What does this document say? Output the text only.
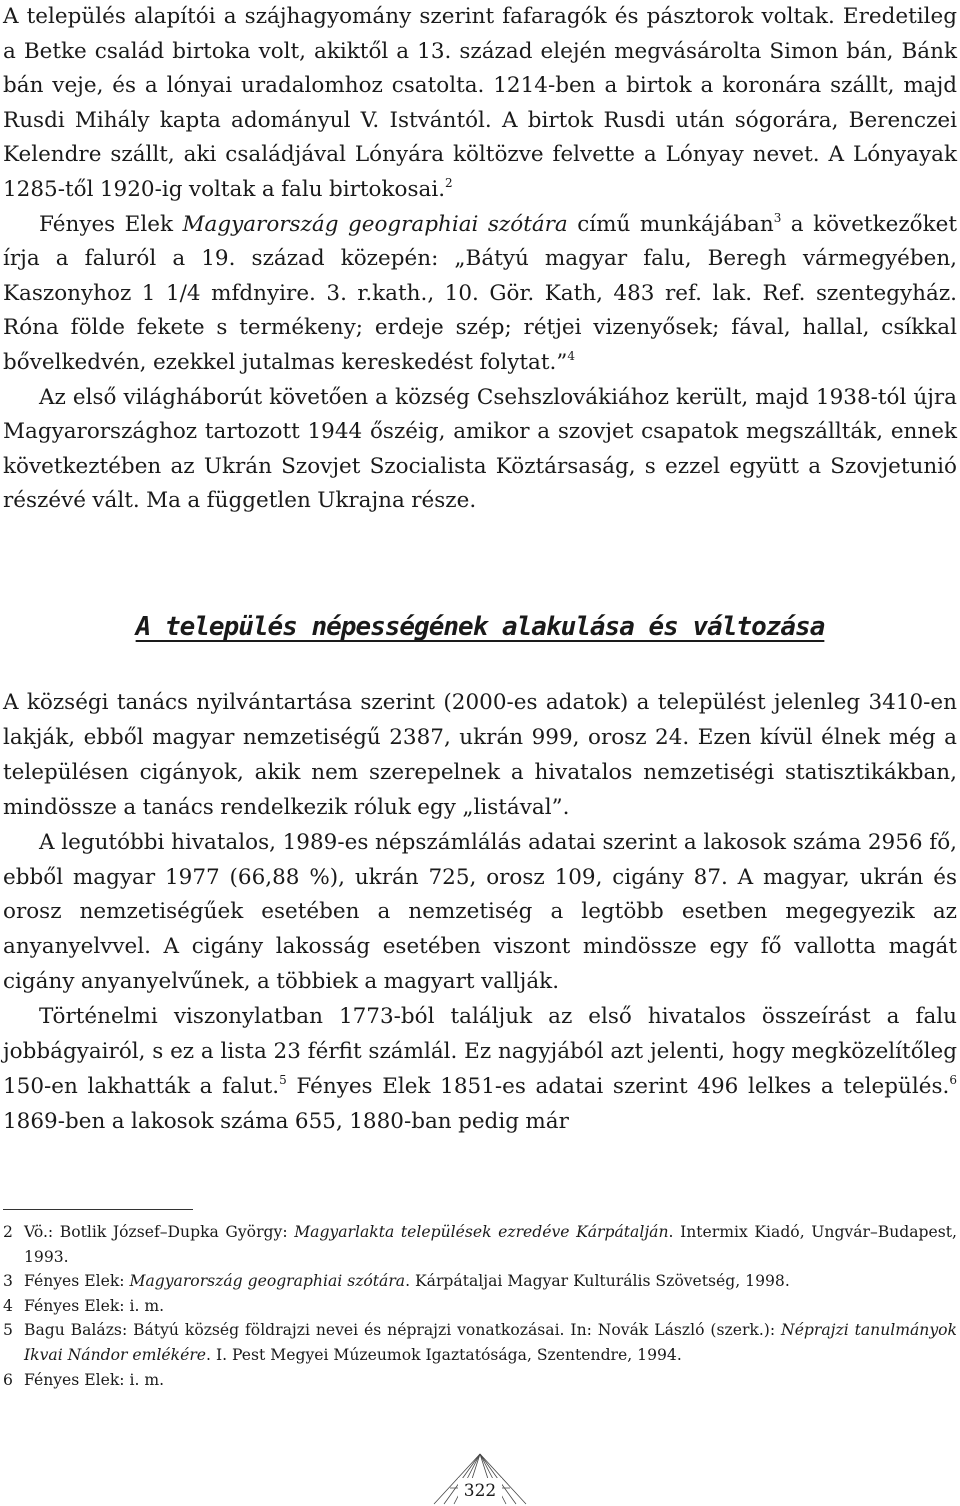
A település alapítói a szájhagyomány szerint fafaragók és pásztorok voltak. Eredetileg a Betke család birtoka volt, akiktől a 13. század elején megvásárolta Simon bán, Bánk bán veje, és a lónyai uradalomhoz csatolta. 1214-ben a birtok a koronára szállt, majd Rusdi Mihály kapta adományul V. Istvántól. A birtok Rusdi után sógorára, Berenczei Kelendre szállt, aki családjával Lónyára költözve felvette a Lónyay nevet. A Lónyayak 1285-től 1920-ig voltak a falu birtokosai.$^2$

Fényes Elek Magyarország geographiai szótára című munkájában$^3$ a következőket írja a faluról a 19. század közepén: „Bátyú magyar falu, Beregh vármegyében, Kaszonyhoz 1 1/4 mfdnyire. 3. r.kath., 10. Gör. Kath, 483 ref. lak. Ref. szentegyház. Róna földe fekete s termékeny; erdeje szép; rétjei vizenyősek; fával, hallal, csíkkal bővelkedvén, ezekkel jutalmas kereskedést folytat.”$^4$

Az első világháborút követően a község Csehszlovákiához került, majd 1938-tól újra Magyarországhoz tartozott 1944 őszéig, amikor a szovjet csapatok megszállták, ennek következtében az Ukrán Szovjet Szocialista Köztársaság, s ezzel együtt a Szovjetunió részévé vált. Ma a független Ukrajna része.

A település népességének alakulása és változása

A községi tanács nyilvántartása szerint (2000-es adatok) a települést jelenleg 3410-en lakják, ebből magyar nemzetiségű 2387, ukrán 999, orosz 24. Ezen kívül élnek még a településen cigányok, akik nem szerepelnek a hivatalos nemzetiségi statisztikákban, mindössze a tanács rendelkezik róluk egy „listával”.

A legutóbbi hivatalos, 1989-es népszámlálás adatai szerint a lakosok száma 2956 fő, ebből magyar 1977 (66,88 %), ukrán 725, orosz 109, cigány 87. A magyar, ukrán és orosz nemzetiségűek esetében a nemzetiség a legtöbb esetben megegyezik az anyanyelvvel. A cigány lakosság esetében viszont mindössze egy fő vallotta magát cigány anyanyelvűnek, a többiek a magyart vallják.

Történelmi viszonylatban 1773-ból találjuk az első hivatalos összeírást a falu jobbágyairól, s ez a lista 23 férfit számlál. Ez nagyjából azt jelenti, hogy megközelítőleg 150-en lakhatták a falut.$^5$ Fényes Elek 1851-es adatai szerint 496 lelkes a település.$^6$ 1869-ben a lakosok száma 655, 1880-ban pedig már

2 Vö.: Botlik József–Dupka György: Magyarlakta települések ezredéve Kárpátalján. Intermix Kiadó, Ungvár–Budapest, 1993.
3 Fényes Elek: Magyarország geographiai szótára. Kárpátaljai Magyar Kulturális Szövetség, 1998.
4 Fényes Elek: i. m.
5 Bagu Balázs: Bátyú község földrajzi nevei és néprajzi vonatkozásai. In: Novák László (szerk.): Néprajzi tanulmányok Ikvai Nándor emlékére. I. Pest Megyei Múzeumok Igaztatósága, Szentendre, 1994.
6 Fényes Elek: i. m.
322
